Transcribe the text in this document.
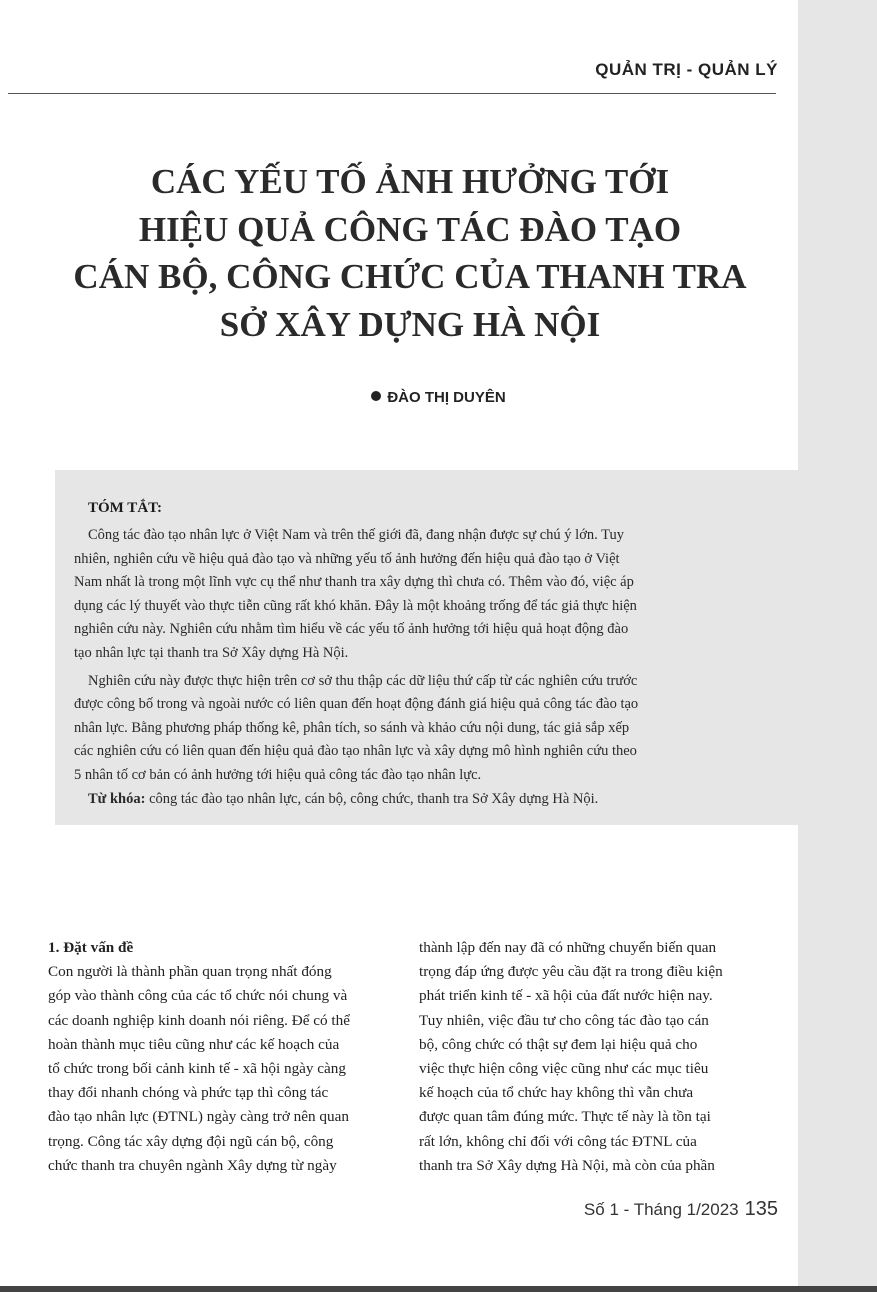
QUẢN TRỊ - QUẢN LÝ
CÁC YẾU TỐ ẢNH HƯỞNG TỚI
HIỆU QUẢ CÔNG TÁC ĐÀO TẠO
CÁN BỘ, CÔNG CHỨC CỦA THANH TRA
SỞ XÂY DỰNG HÀ NỘI
ĐÀO THỊ DUYÊN
TÓM TẮT:
Công tác đào tạo nhân lực ở Việt Nam và trên thế giới đã, đang nhận được sự chú ý lớn. Tuy
nhiên, nghiên cứu về hiệu quả đào tạo và những yếu tố ảnh hưởng đến hiệu quả đào tạo ở Việt
Nam nhất là trong một lĩnh vực cụ thể như thanh tra xây dựng thì chưa có. Thêm vào đó, việc áp
dụng các lý thuyết vào thực tiễn cũng rất khó khăn. Đây là một khoảng trống để tác giả thực hiện
nghiên cứu này. Nghiên cứu nhằm tìm hiểu về các yếu tố ảnh hưởng tới hiệu quả hoạt động đào
tạo nhân lực tại thanh tra Sở Xây dựng Hà Nội.
Nghiên cứu này được thực hiện trên cơ sở thu thập các dữ liệu thứ cấp từ các nghiên cứu trước
được công bố trong và ngoài nước có liên quan đến hoạt động đánh giá hiệu quả công tác đào tạo
nhân lực. Bằng phương pháp thống kê, phân tích, so sánh và khảo cứu nội dung, tác giả sắp xếp
các nghiên cứu có liên quan đến hiệu quả đào tạo nhân lực và xây dựng mô hình nghiên cứu theo
5 nhân tố cơ bản có ảnh hưởng tới hiệu quả công tác đào tạo nhân lực.
Từ khóa: công tác đào tạo nhân lực, cán bộ, công chức, thanh tra Sở Xây dựng Hà Nội.
1. Đặt vấn đề
Con người là thành phần quan trọng nhất đóng
góp vào thành công của các tổ chức nói chung và
các doanh nghiệp kinh doanh nói riêng. Để có thể
hoàn thành mục tiêu cũng như các kế hoạch của
tổ chức trong bối cảnh kinh tế - xã hội ngày càng
thay đổi nhanh chóng và phức tạp thì công tác
đào tạo nhân lực (ĐTNL) ngày càng trở nên quan
trọng. Công tác xây dựng đội ngũ cán bộ, công
chức thanh tra chuyên ngành Xây dựng từ ngày
thành lập đến nay đã có những chuyển biến quan
trọng đáp ứng được yêu cầu đặt ra trong điều kiện
phát triển kinh tế - xã hội của đất nước hiện nay.
Tuy nhiên, việc đầu tư cho công tác đào tạo cán
bộ, công chức có thật sự đem lại hiệu quả cho
việc thực hiện công việc cũng như các mục tiêu
kế hoạch của tổ chức hay không thì vẫn chưa
được quan tâm đúng mức. Thực tế này là tồn tại
rất lớn, không chỉ đối với công tác ĐTNL của
thanh tra Sở Xây dựng Hà Nội, mà còn của phần
Số 1 - Tháng 1/2023 135
